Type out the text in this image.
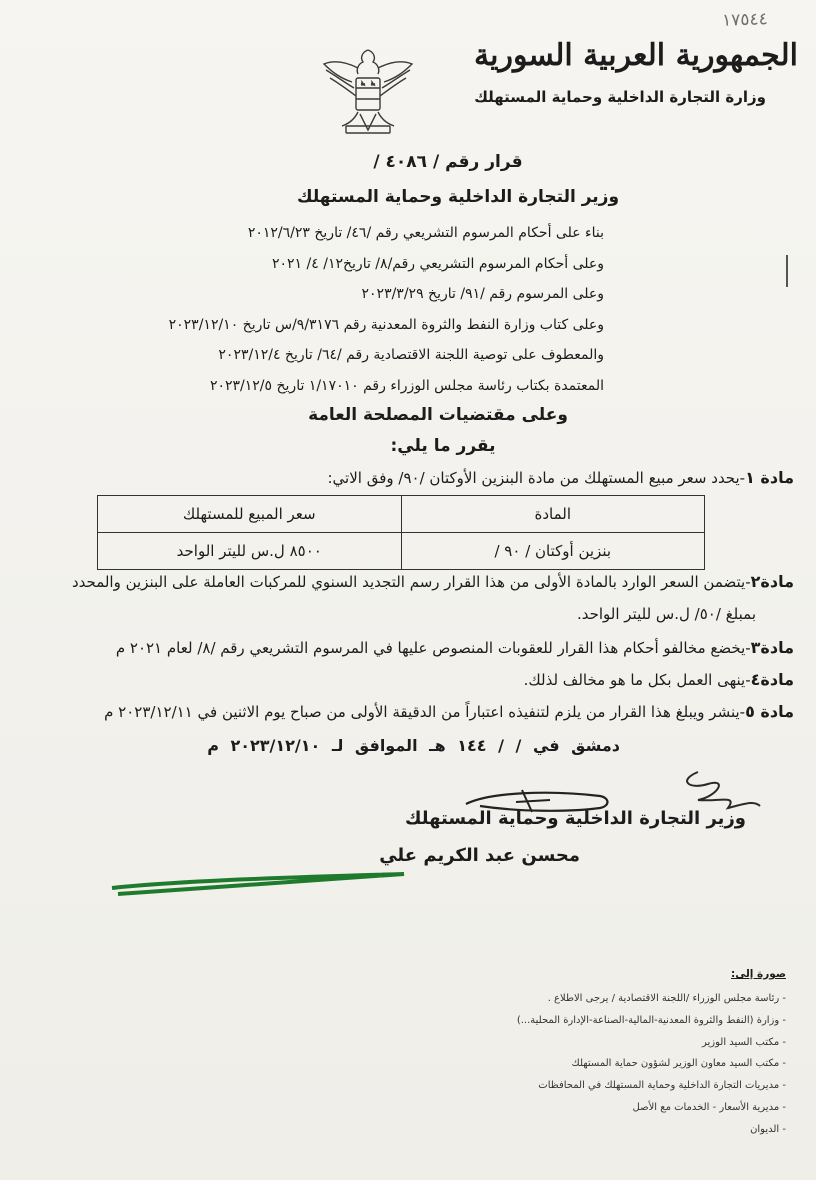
١٧٥٤٤
الجمهورية العربية السورية
وزارة التجارة الداخلية وحماية المستهلك
قرار رقم / ٤٠٨٦ /
وزير التجارة الداخلية وحماية المستهلك
بناء على أحكام المرسوم التشريعي رقم /٤٦/ تاريخ ٢٠١٢/٦/٢٣
وعلى أحكام المرسوم التشريعي رقم/٨/ تاريخ١٢/ ٤/ ٢٠٢١
وعلى المرسوم رقم /٩١/ تاريخ ٢٠٢٣/٣/٢٩
وعلى كتاب وزارة النفط والثروة المعدنية رقم ٩/٣١٧٦/س تاريخ ٢٠٢٣/١٢/١٠
والمعطوف على توصية اللجنة الاقتصادية رقم /٦٤/ تاريخ ٢٠٢٣/١٢/٤
المعتمدة بكتاب رئاسة مجلس الوزراء رقم ١/١٧٠١٠ تاريخ ٢٠٢٣/١٢/٥
وعلى مقتضيات المصلحة العامة
يقرر ما يلي:
مادة ١-يحدد سعر مبيع المستهلك من مادة البنزين الأوكتان /٩٠/ وفق الاتي:
المادة	سعر المبيع للمستهلك
بنزين أوكتان / ٩٠ /	٨٥٠٠ ل.س لليتر الواحد
مادة٢-يتضمن السعر الوارد بالمادة الأولى من هذا القرار رسم التجديد السنوي للمركبات العاملة على البنزين والمحدد
بمبلغ /٥٠/ ل.س لليتر الواحد.
مادة٣-يخضع مخالفو أحكام هذا القرار للعقوبات المنصوص عليها في المرسوم التشريعي رقم /٨/ لعام ٢٠٢١ م
مادة٤-ينهى العمل بكل ما هو مخالف لذلك.
مادة ٥-ينشر ويبلغ هذا القرار من يلزم لتنفيذه اعتباراً من الدقيقة الأولى من صباح يوم الاثنين في ٢٠٢٣/١٢/١١ م
دمشق في / / ١٤٤ هـ الموافق لـ ٢٠٢٣/١٢/١٠ م
وزير التجارة الداخلية وحماية المستهلك
محسن عبد الكريم علي
صورة إلى:
- رئاسة مجلس الوزراء /اللجنة الاقتصادية / يرجى الاطلاع .
- وزارة (النفط والثروة المعدنية-المالية-الصناعة-الإدارة المحلية...)
- مكتب السيد الوزير
- مكتب السيد معاون الوزير لشؤون حماية المستهلك
- مديريات التجارة الداخلية وحماية المستهلك في المحافظات
- مديرية الأسعار - الخدمات مع الأصل
- الديوان
